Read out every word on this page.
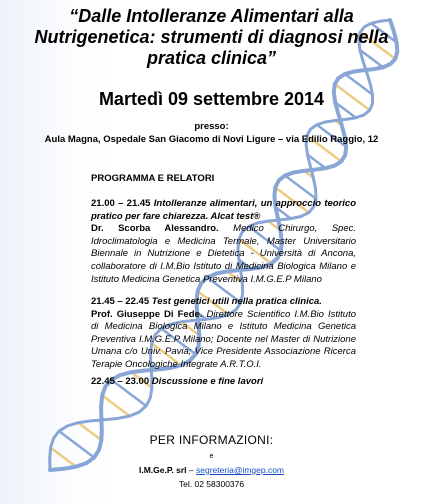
“Dalle Intolleranze Alimentari alla
Nutrigenetica: strumenti di diagnosi nella
pratica clinica”
Martedì 09 settembre 2014
presso:
Aula Magna, Ospedale San Giacomo di Novi Ligure – via Edilio Raggio, 12
PROGRAMMA E RELATORI

21.00 – 21.45 Intolleranze alimentari, un approccio teorico pratico per fare chiarezza. Alcat test®
Dr. Scorba Alessandro. Medico Chirurgo, Spec. Idroclimatologia e Medicina Termale, Master Universitario Biennale in Nutrizione e Dietetica - Università di Ancona, collaboratore di I.M.Bio Istituto di Medicina Biologica Milano e Istituto Medicina Genetica Preventiva I.M.G.E.P Milano

21.45 – 22.45 Test genetici utili nella pratica clinica.
Prof. Giuseppe Di Fede. Direttore Scientifico I.M.Bio Istituto di Medicina Biologica Milano e Istituto Medicina Genetica Preventiva I.M.G.E.P Milano; Docente nel Master di Nutrizione Umana c/o Univ. Pavia; Vice Presidente Associazione Ricerca Terapie Oncologiche Integrate A.R.T.O.I.

22.45 – 23.00 Discussione e fine lavori

PER INFORMAZIONI:
e
I.M.Ge.P. srl – segreteria@imgep.com
Tel. 02 58300376
